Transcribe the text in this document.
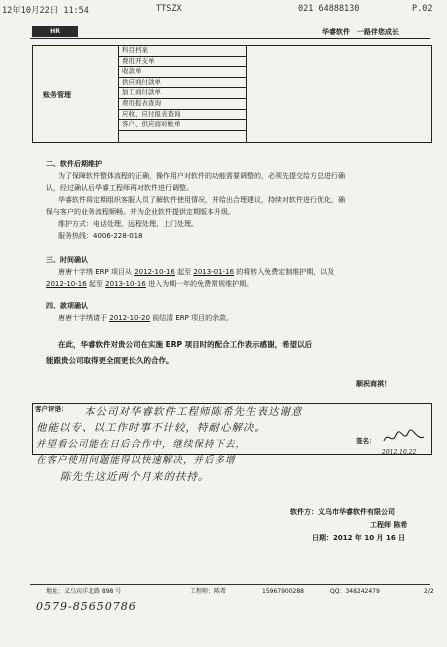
12年10月22日 11:54	TTSZX	021 64888130	P.02
HR	华睿软件　一路伴您成长
账务管理
科目档案
费用开支单
收款单
供应商付款单
加工商付款单
费用报表查询
应收、应付报表查询
客户、供应商对帐单
二、软件后期维护
为了保障软件整体流程的正确，操作用户对软件的功能需要调整的，必须先提交给方总进行确
认，经过确认后华睿工程师再对软件进行调整。
华睿软件将定期组织客服人员了解软件使用情况，并给出合理建议，持续对软件进行优化，确
保与客户的业务流程顺畅。并为企业软件提供定期版本升级。
维护方式：电话处理、远程处理、上门处理。
服务热线：4006-228-018
三、时间确认
唐唐十字绣 ERP 项目从 2012-10-16 起至 2013-01-16 的将转入免费定制维护期，以及
2012-10-16 起至 2013-10-16 进入为期一年的免费常规维护期。
四、款项确认
唐唐十字绣请于 2012-10-20 前结清 ERP 项目的余款。
在此，华睿软件对贵公司在实施 ERP 项目时的配合工作表示感谢，希望以后
能跟贵公司取得更全面更长久的合作。
顺祝商祺！
客户评语： 本公司对华睿软件工程师陈希先生表达谢意
他能以专、以工作时事不计较，特耐心解决。
并望看公司能在日后合作中，继续保持下去，	签名：
在客户使用问题能得以快速解决，并后多增
2012.10.22
陈先生这近两个月来的扶持。
软件方：义乌市华睿软件有限公司
工程师 陈希
日期：2012 年 10 月 16 日
地址：义乌宾洋北路 898 号	工程师：陈希	15967900288	QQ：348242479	2/2
0579-85650786
